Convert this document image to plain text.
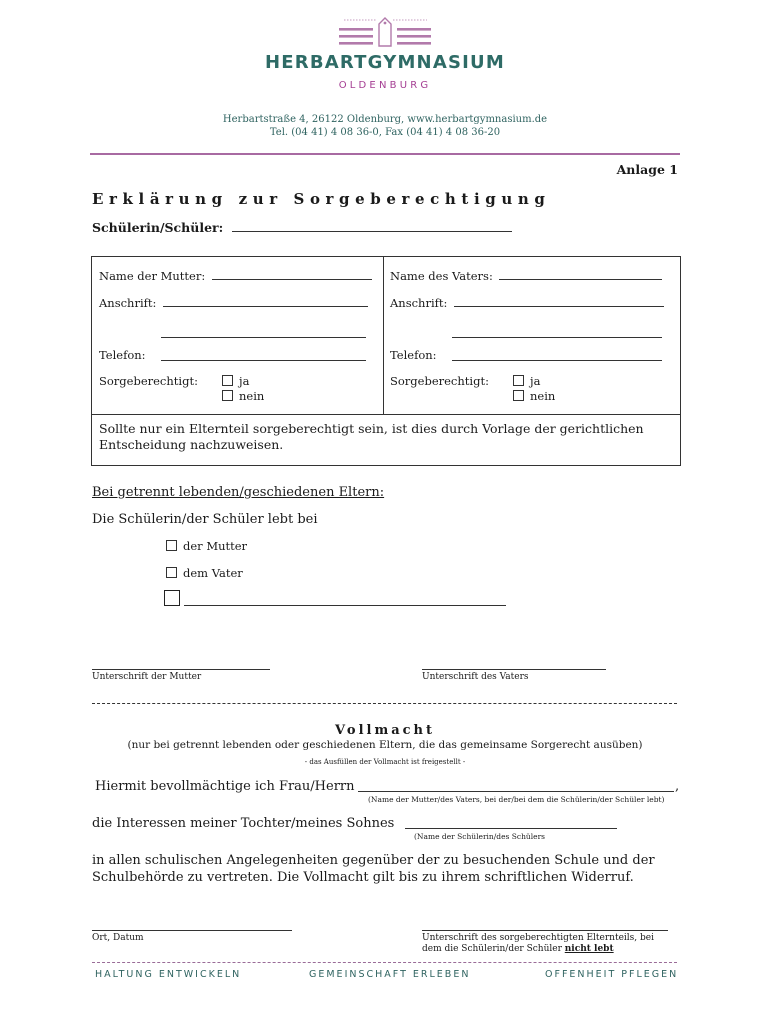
HERBARTGYMNASIUM
OLDENBURG
Herbartstraße 4, 26122 Oldenburg, www.herbartgymnasium.de
Tel. (04 41) 4 08 36-0, Fax (04 41) 4 08 36-20
Anlage 1
Erklärung zur Sorgeberechtigung
Schülerin/Schüler:
Name der Mutter:
Anschrift:
Telefon:
Sorgeberechtigt:	ja
nein
Name des Vaters:
Anschrift:
Telefon:
Sorgeberechtigt:	ja
nein
Sollte nur ein Elternteil sorgeberechtigt sein, ist dies durch Vorlage der gerichtlichen Entscheidung nachzuweisen.
Bei getrennt lebenden/geschiedenen Eltern:
Die Schülerin/der Schüler lebt bei
der Mutter
dem Vater
Unterschrift der Mutter	Unterschrift des Vaters
Vollmacht
(nur bei getrennt lebenden oder geschiedenen Eltern, die das gemeinsame Sorgerecht ausüben)
- das Ausfüllen der Vollmacht ist freigestellt -
Hiermit bevollmächtige ich Frau/Herrn	,
(Name der Mutter/des Vaters, bei der/bei dem die Schülerin/der Schüler lebt)
die Interessen meiner Tochter/meines Sohnes
(Name der Schülerin/des Schülers
in allen schulischen Angelegenheiten gegenüber der zu besuchenden Schule und der Schulbehörde zu vertreten. Die Vollmacht gilt bis zu ihrem schriftlichen Widerruf.
Ort, Datum	Unterschrift des sorgeberechtigten Elternteils, bei
dem die Schülerin/der Schüler nicht lebt
HALTUNG ENTWICKELN	GEMEINSCHAFT ERLEBEN	OFFENHEIT PFLEGEN
